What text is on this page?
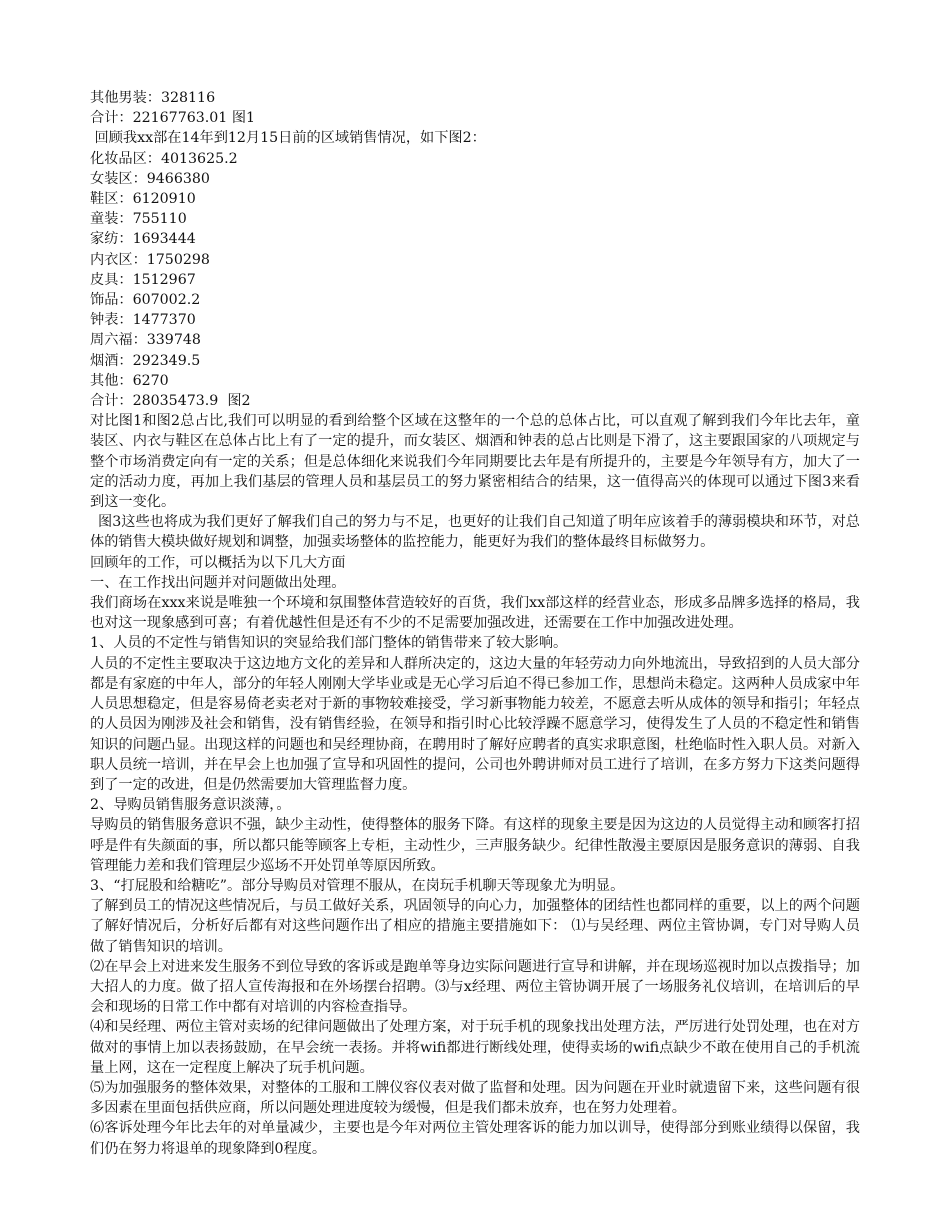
其他男装：328116

合计：22167763.01 图1

回顾我xx部在14年到12月15日前的区域销售情况，如下图2：

化妆品区：4013625.2

女装区：9466380

鞋区：6120910

童装：755110

家纺：1693444

内衣区：1750298

皮具：1512967

饰品：607002.2

钟表：1477370

周六福：339748

烟酒：292349.5

其他：6270

合计：28035473.9  图2

对比图1和图2总占比,我们可以明显的看到给整个区域在这整年的一个总的总体占比，可以直观了解到我们今年比去年，童装区、内衣与鞋区在总体占比上有了一定的提升，而女装区、烟酒和钟表的总占比则是下滑了，这主要跟国家的八项规定与整个市场消费定向有一定的关系；但是总体细化来说我们今年同期要比去年是有所提升的，主要是今年领导有方，加大了一定的活动力度，再加上我们基层的管理人员和基层员工的努力紧密相结合的结果，这一值得高兴的体现可以通过下图3来看到这一变化。

图3这些也将成为我们更好了解我们自己的努力与不足，也更好的让我们自己知道了明年应该着手的薄弱模块和环节，对总体的销售大模块做好规划和调整，加强卖场整体的监控能力，能更好为我们的整体最终目标做努力。

回顾年的工作，可以概括为以下几大方面

一、在工作找出问题并对问题做出处理。

我们商场在xxx来说是唯独一个环境和氛围整体营造较好的百货，我们xx部这样的经营业态，形成多品牌多选择的格局，我也对这一现象感到可喜；有着优越性但是还有不少的不足需要加强改进，还需要在工作中加强改进处理。

1、人员的不定性与销售知识的突显给我们部门整体的销售带来了较大影响。

人员的不定性主要取决于这边地方文化的差异和人群所决定的，这边大量的年轻劳动力向外地流出，导致招到的人员大部分都是有家庭的中年人，部分的年轻人刚刚大学毕业或是无心学习后迫不得已参加工作，思想尚未稳定。这两种人员成家中年人员思想稳定，但是容易倚老卖老对于新的事物较难接受，学习新事物能力较差，不愿意去听从成体的领导和指引；年轻点的人员因为刚涉及社会和销售，没有销售经验，在领导和指引时心比较浮躁不愿意学习，使得发生了人员的不稳定性和销售知识的问题凸显。出现这样的问题也和吴经理协商，在聘用时了解好应聘者的真实求职意图，杜绝临时性入职人员。对新入职人员统一培训，并在早会上也加强了宣导和巩固性的提问，公司也外聘讲师对员工进行了培训，在多方努力下这类问题得到了一定的改进，但是仍然需要加大管理监督力度。

2、导购员销售服务意识淡薄，。

导购员的销售服务意识不强，缺少主动性，使得整体的服务下降。有这样的现象主要是因为这边的人员觉得主动和顾客打招呼是件有失颜面的事，所以都只能等顾客上专柜，主动性少，三声服务缺少。纪律性散漫主要原因是服务意识的薄弱、自我管理能力差和我们管理层少巡场不开处罚单等原因所致。

3、“打屁股和给糖吃”。部分导购员对管理不服从，在岗玩手机聊天等现象尤为明显。

了解到员工的情况这些情况后，与员工做好关系，巩固领导的向心力，加强整体的团结性也都同样的重要，以上的两个问题了解好情况后，分析好后都有对这些问题作出了相应的措施主要措施如下： ⑴与吴经理、两位主管协调，专门对导购人员做了销售知识的培训。

⑵在早会上对进来发生服务不到位导致的客诉或是跑单等身边实际问题进行宣导和讲解，并在现场巡视时加以点拨指导；加大招人的力度。做了招人宣传海报和在外场摆台招聘。⑶与x经理、两位主管协调开展了一场服务礼仪培训，在培训后的早会和现场的日常工作中都有对培训的内容检查指导。

⑷和吴经理、两位主管对卖场的纪律问题做出了处理方案，对于玩手机的现象找出处理方法，严厉进行处罚处理，也在对方做对的事情上加以表扬鼓励，在早会统一表扬。并将wifi都进行断线处理，使得卖场的wifi点缺少不敢在使用自己的手机流量上网，这在一定程度上解决了玩手机问题。

⑸为加强服务的整体效果，对整体的工服和工牌仪容仪表对做了监督和处理。因为问题在开业时就遗留下来，这些问题有很多因素在里面包括供应商，所以问题处理进度较为缓慢，但是我们都未放弃，也在努力处理着。

⑹客诉处理今年比去年的对单量减少，主要也是今年对两位主管处理客诉的能力加以训导，使得部分到账业绩得以保留，我们仍在努力将退单的现象降到0程度。
